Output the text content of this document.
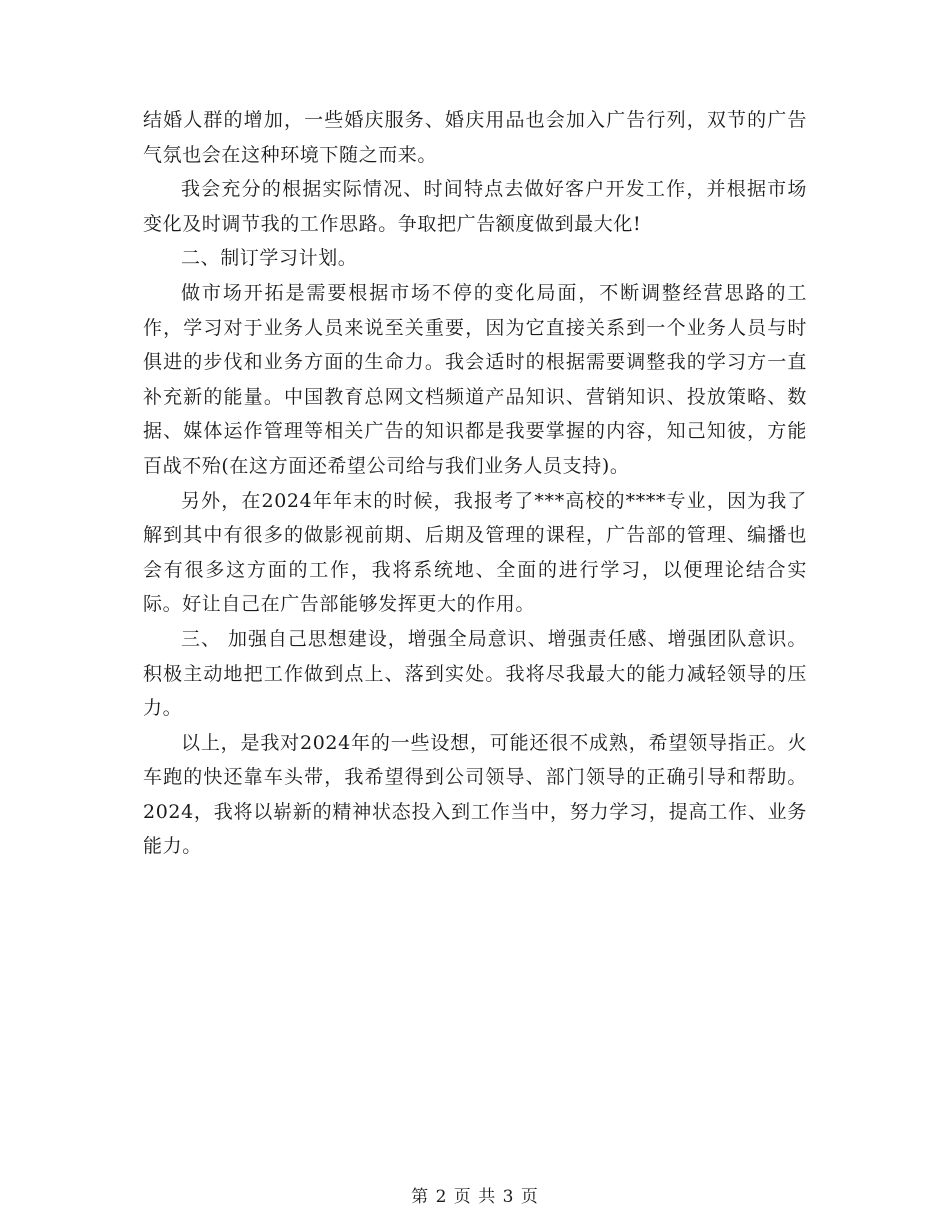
结婚人群的增加，一些婚庆服务、婚庆用品也会加入广告行列，双节的广告气氛也会在这种环境下随之而来。

我会充分的根据实际情况、时间特点去做好客户开发工作，并根据市场变化及时调节我的工作思路。争取把广告额度做到最大化!

二、制订学习计划。

做市场开拓是需要根据市场不停的变化局面，不断调整经营思路的工作，学习对于业务人员来说至关重要，因为它直接关系到一个业务人员与时俱进的步伐和业务方面的生命力。我会适时的根据需要调整我的学习方一直补充新的能量。中国教育总网文档频道产品知识、营销知识、投放策略、数据、媒体运作管理等相关广告的知识都是我要掌握的内容，知己知彼，方能百战不殆(在这方面还希望公司给与我们业务人员支持)。

另外，在2024年年末的时候，我报考了***高校的****专业，因为我了解到其中有很多的做影视前期、后期及管理的课程，广告部的管理、编播也会有很多这方面的工作，我将系统地、全面的进行学习，以便理论结合实际。好让自己在广告部能够发挥更大的作用。

三、 加强自己思想建设，增强全局意识、增强责任感、增强团队意识。 积极主动地把工作做到点上、落到实处。我将尽我最大的能力减轻领导的压力。

以上，是我对2024年的一些设想，可能还很不成熟，希望领导指正。火车跑的快还靠车头带，我希望得到公司领导、部门领导的正确引导和帮助。2024，我将以崭新的精神状态投入到工作当中，努力学习，提高工作、业务能力。

第 2 页 共 3 页
